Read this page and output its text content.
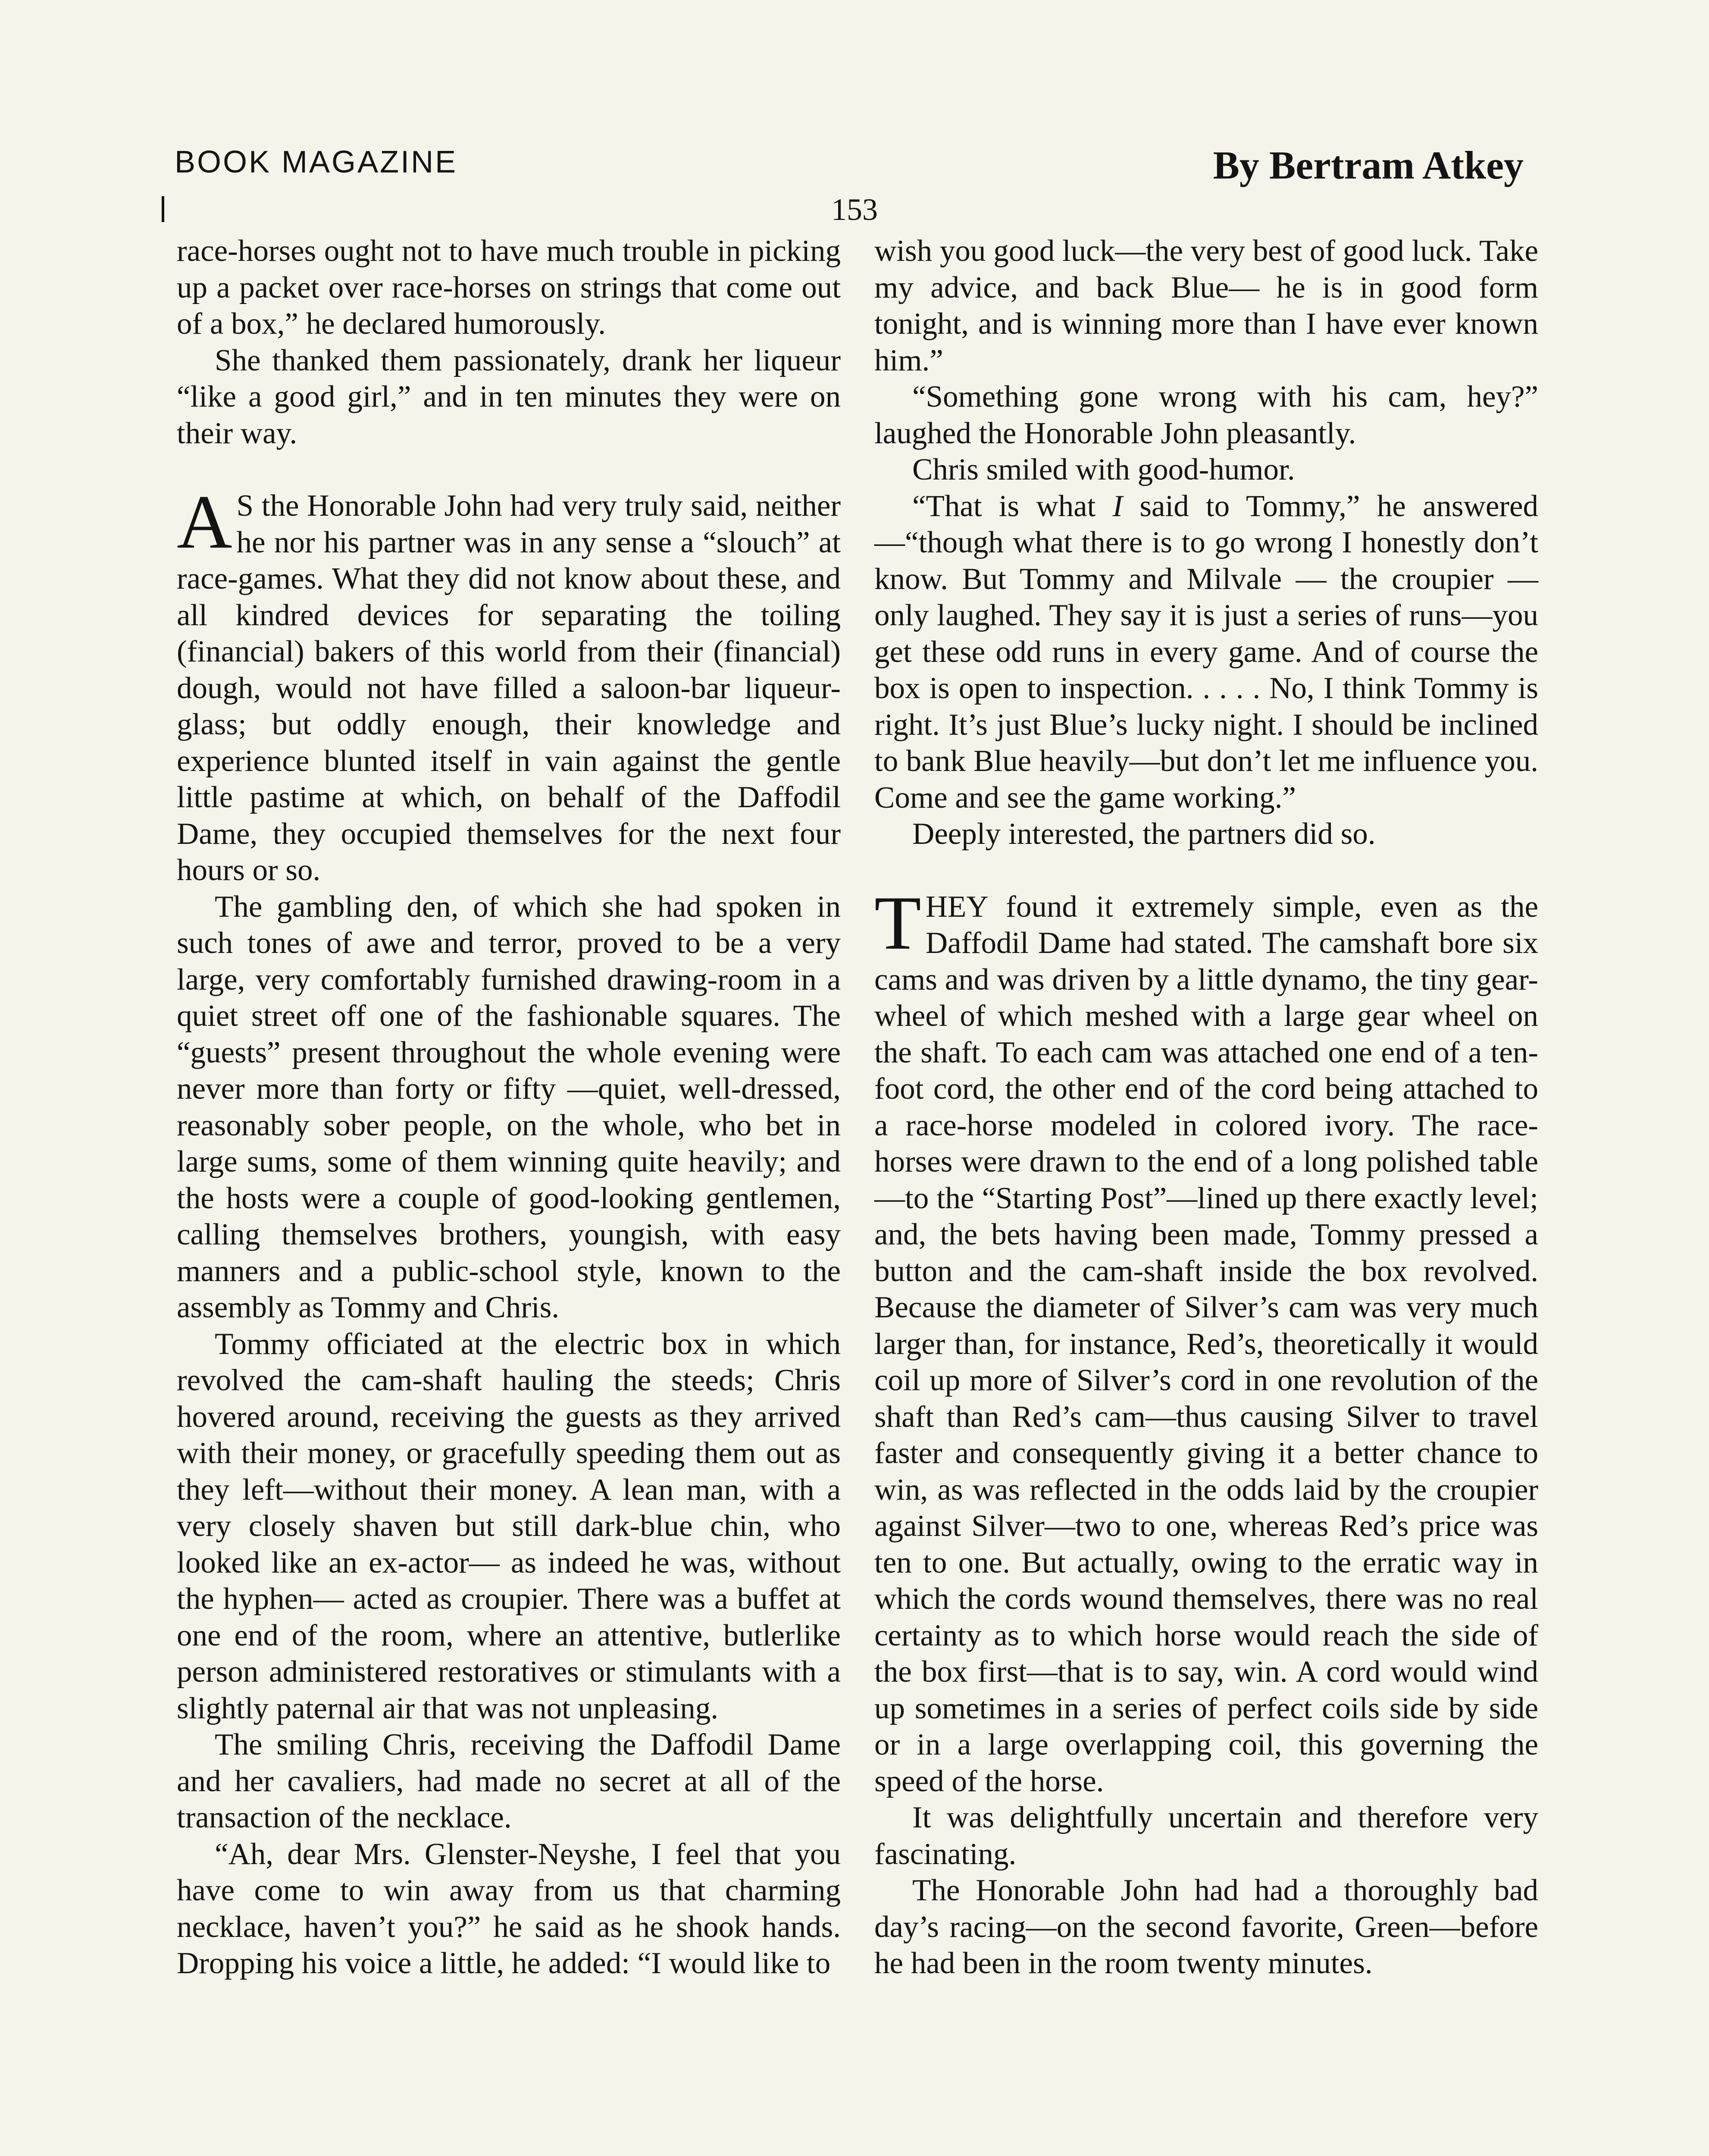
BOOK MAGAZINE	By Bertram Atkey
153

race-horses ought not to have much trouble in picking up a packet over race-horses on strings that come out of a box,” he declared humorously.

She thanked them passionately, drank her liqueur “like a good girl,” and in ten minutes they were on their way.

A S the Honorable John had very truly said, neither he nor his partner was in any sense a “slouch” at race-games. What they did not know about these, and all kindred devices for separating the toiling (financial) bakers of this world from their (financial) dough, would not have filled a saloon-bar liqueur-glass; but oddly enough, their knowledge and experience blunted itself in vain against the gentle little pastime at which, on behalf of the Daffodil Dame, they occupied themselves for the next four hours or so.

The gambling den, of which she had spoken in such tones of awe and terror, proved to be a very large, very comfortably furnished drawing-room in a quiet street off one of the fashionable squares. The “guests” present throughout the whole evening were never more than forty or fifty —quiet, well-dressed, reasonably sober people, on the whole, who bet in large sums, some of them winning quite heavily; and the hosts were a couple of good-looking gentlemen, calling themselves brothers, youngish, with easy manners and a public-school style, known to the assembly as Tommy and Chris.

Tommy officiated at the electric box in which revolved the cam-shaft hauling the steeds; Chris hovered around, receiving the guests as they arrived with their money, or gracefully speeding them out as they left—without their money. A lean man, with a very closely shaven but still dark-blue chin, who looked like an ex-actor— as indeed he was, without the hyphen— acted as croupier. There was a buffet at one end of the room, where an attentive, butlerlike person administered restoratives or stimulants with a slightly paternal air that was not unpleasing.

The smiling Chris, receiving the Daffodil Dame and her cavaliers, had made no secret at all of the transaction of the necklace.

“Ah, dear Mrs. Glenster-Neyshe, I feel that you have come to win away from us that charming necklace, haven’t you?” he said as he shook hands. Dropping his voice a little, he added: “I would like to

wish you good luck—the very best of good luck. Take my advice, and back Blue— he is in good form tonight, and is winning more than I have ever known him.”

“Something gone wrong with his cam, hey?” laughed the Honorable John pleasantly.

Chris smiled with good-humor.

“That is what I said to Tommy,” he answered—“though what there is to go wrong I honestly don’t know. But Tommy and Milvale — the croupier — only laughed. They say it is just a series of runs—you get these odd runs in every game. And of course the box is open to inspection. . . . . No, I think Tommy is right. It’s just Blue’s lucky night. I should be inclined to bank Blue heavily—but don’t let me influence you. Come and see the game working.”

Deeply interested, the partners did so.

THEY found it extremely simple, even as the Daffodil Dame had stated. The camshaft bore six cams and was driven by a little dynamo, the tiny gear-wheel of which meshed with a large gear wheel on the shaft. To each cam was attached one end of a ten-foot cord, the other end of the cord being attached to a race-horse modeled in colored ivory. The race-horses were drawn to the end of a long polished table—to the “Starting Post”—lined up there exactly level; and, the bets having been made, Tommy pressed a button and the cam-shaft inside the box revolved. Because the diameter of Silver’s cam was very much larger than, for instance, Red’s, theoretically it would coil up more of Silver’s cord in one revolution of the shaft than Red’s cam—thus causing Silver to travel faster and consequently giving it a better chance to win, as was reflected in the odds laid by the croupier against Silver—two to one, whereas Red’s price was ten to one. But actually, owing to the erratic way in which the cords wound themselves, there was no real certainty as to which horse would reach the side of the box first—that is to say, win. A cord would wind up sometimes in a series of perfect coils side by side or in a large overlapping coil, this governing the speed of the horse.

It was delightfully uncertain and therefore very fascinating.

The Honorable John had had a thoroughly bad day’s racing—on the second favorite, Green—before he had been in the room twenty minutes.
